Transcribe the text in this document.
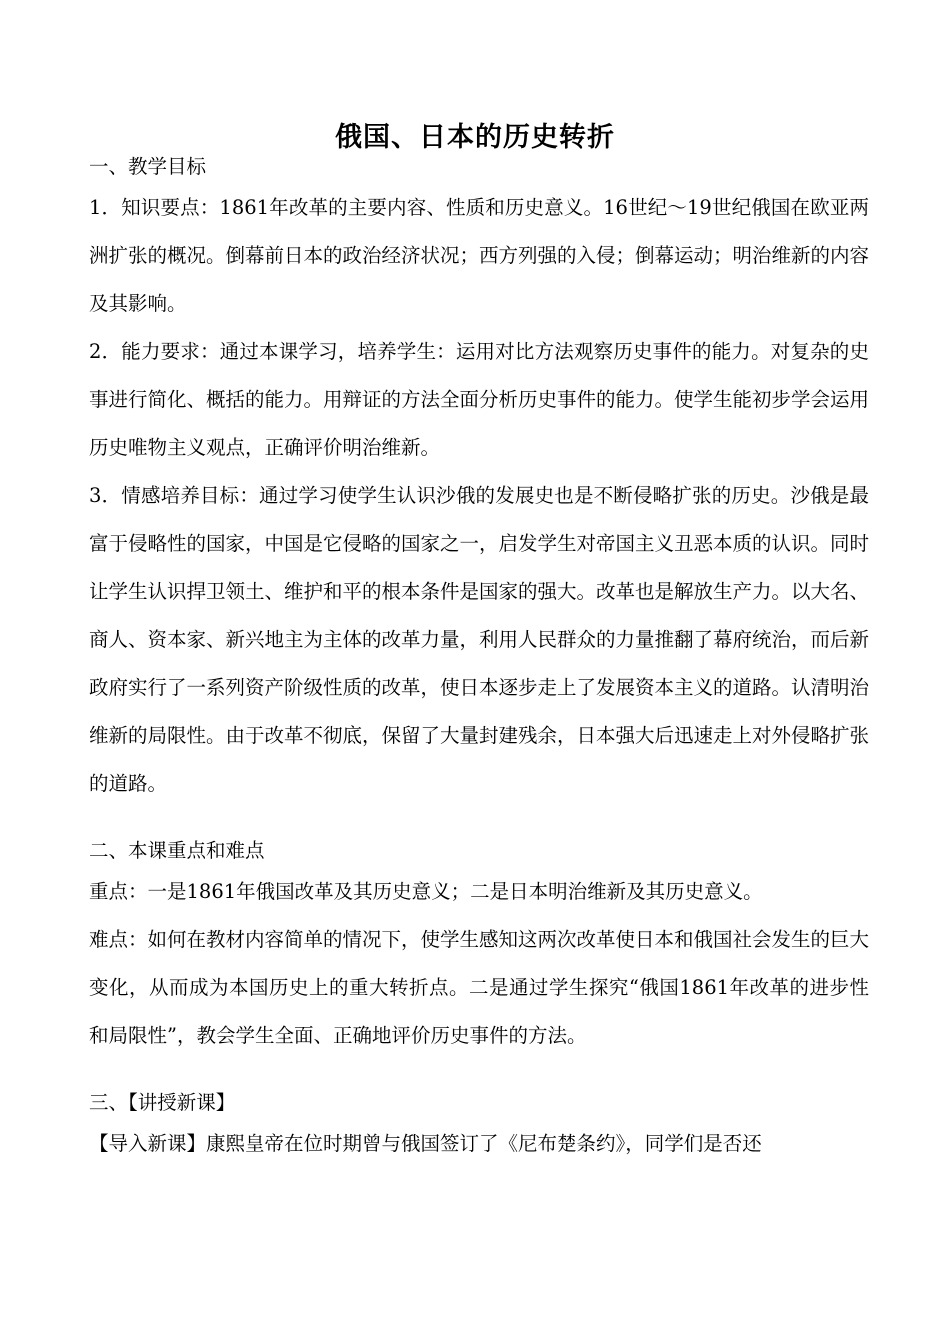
俄国、日本的历史转折

一、教学目标

1．知识要点：1861年改革的主要内容、性质和历史意义。16世纪～19世纪俄国在欧亚两洲扩张的概况。倒幕前日本的政治经济状况；西方列强的入侵；倒幕运动；明治维新的内容及其影响。

2．能力要求：通过本课学习，培养学生：运用对比方法观察历史事件的能力。对复杂的史事进行简化、概括的能力。用辩证的方法全面分析历史事件的能力。使学生能初步学会运用历史唯物主义观点，正确评价明治维新。

3．情感培养目标：通过学习使学生认识沙俄的发展史也是不断侵略扩张的历史。沙俄是最富于侵略性的国家，中国是它侵略的国家之一，启发学生对帝国主义丑恶本质的认识。同时让学生认识捍卫领土、维护和平的根本条件是国家的强大。改革也是解放生产力。以大名、商人、资本家、新兴地主为主体的改革力量，利用人民群众的力量推翻了幕府统治，而后新政府实行了一系列资产阶级性质的改革，使日本逐步走上了发展资本主义的道路。认清明治维新的局限性。由于改革不彻底，保留了大量封建残余，日本强大后迅速走上对外侵略扩张的道路。

二、本课重点和难点

重点：一是1861年俄国改革及其历史意义；二是日本明治维新及其历史意义。

难点：如何在教材内容简单的情况下，使学生感知这两次改革使日本和俄国社会发生的巨大变化，从而成为本国历史上的重大转折点。二是通过学生探究“俄国1861年改革的进步性和局限性”，教会学生全面、正确地评价历史事件的方法。

三、【讲授新课】

【导入新课】康熙皇帝在位时期曾与俄国签订了《尼布楚条约》，同学们是否还
